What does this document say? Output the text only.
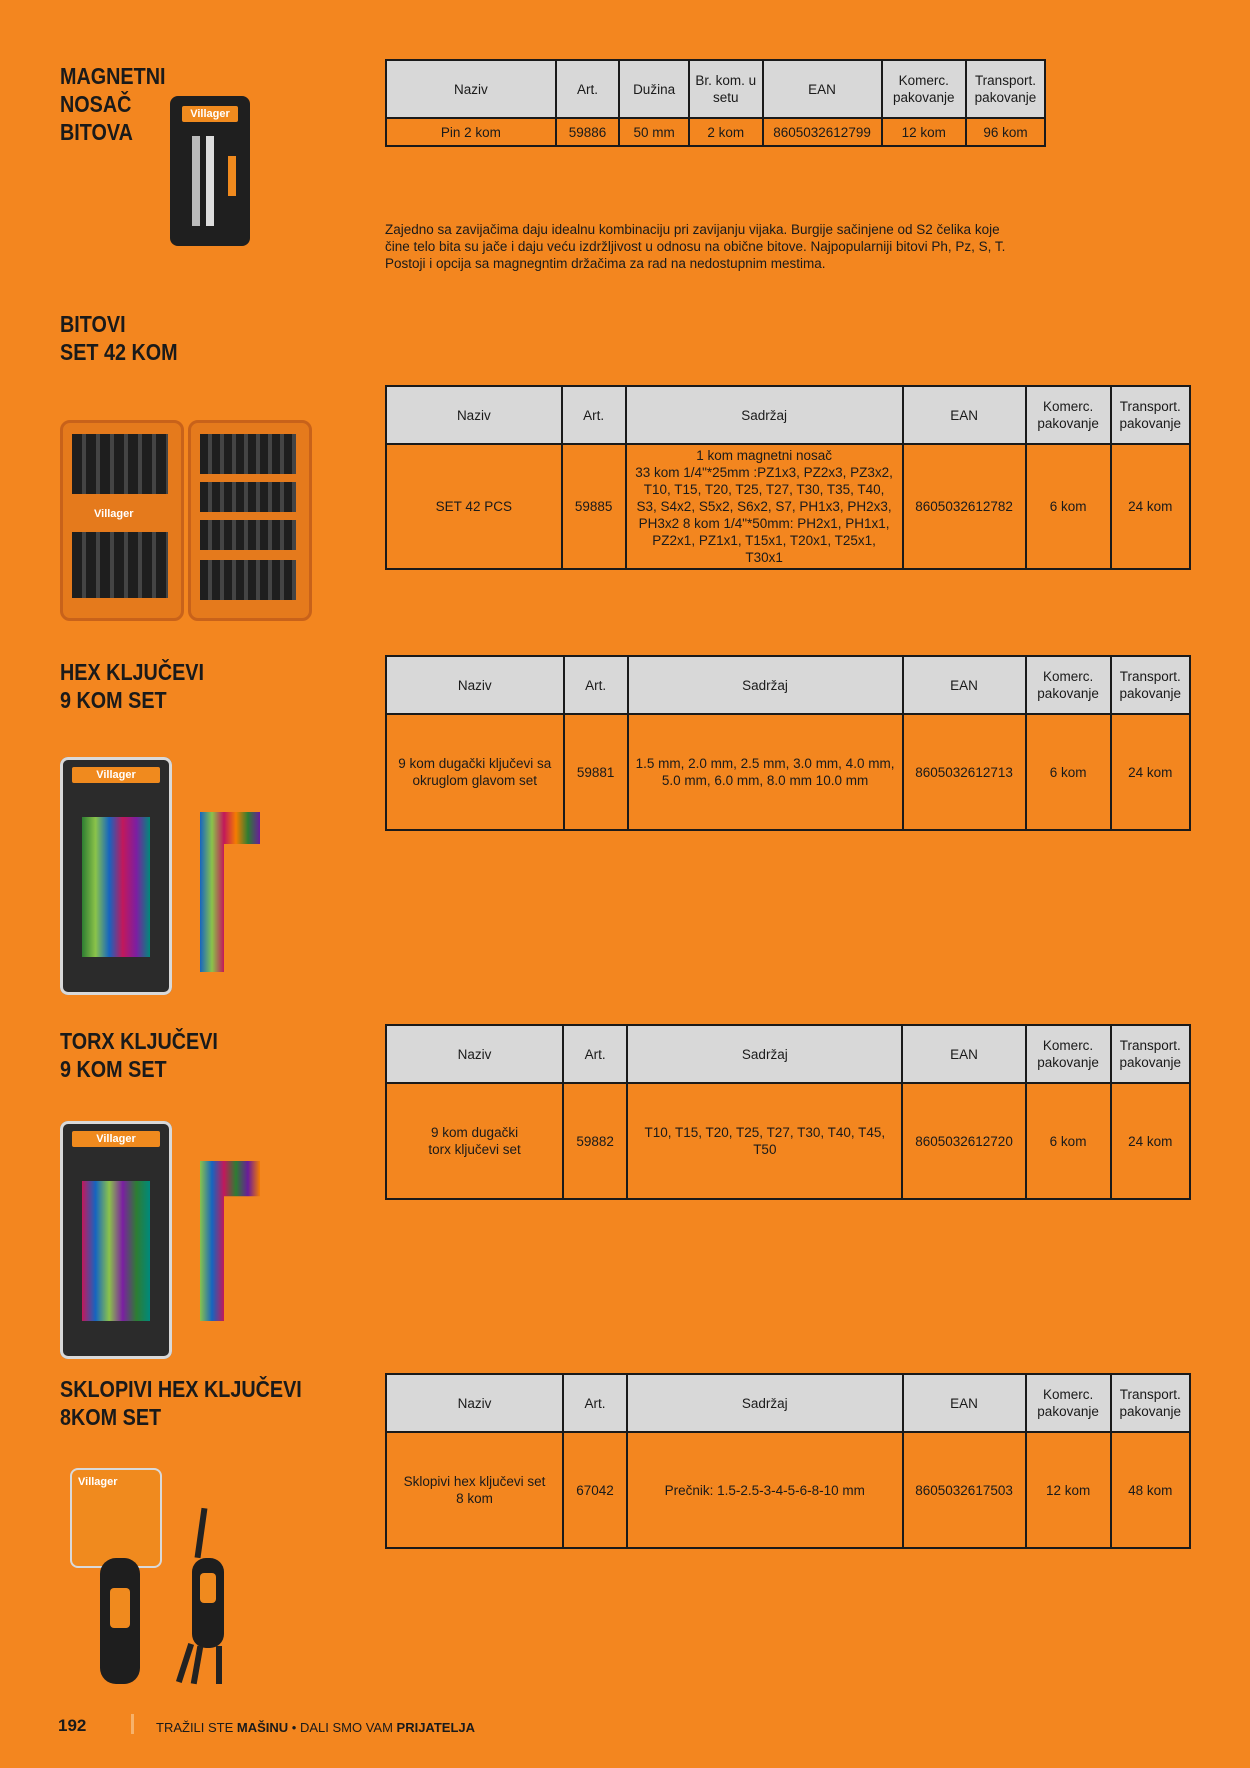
MAGNETNI
NOSAČ
BITOVA
Villager
Naziv	Art.	Dužina	Br. kom. u setu	EAN	Komerc. pakovanje	Transport. pakovanje
Pin 2 kom	59886	50 mm	2 kom	8605032612799	12 kom	96 kom
Zajedno sa zavijačima daju idealnu kombinaciju pri zavijanju vijaka. Burgije sačinjene od S2 čelika koje čine telo bita su jače i daju veću izdržljivost u odnosu na obične bitove. Najpopularniji bitovi Ph, Pz, S, T. Postoji i opcija sa magnegntim držačima za rad na nedostupnim mestima.
BITOVI
SET 42 KOM
Villager
Naziv	Art.	Sadržaj	EAN	Komerc. pakovanje	Transport. pakovanje
SET 42 PCS	59885	1 kom magnetni nosač
33 kom 1/4"*25mm :PZ1x3, PZ2x3, PZ3x2, T10, T15, T20, T25, T27, T30, T35, T40, S3, S4x2, S5x2, S6x2, S7, PH1x3, PH2x3, PH3x2 8 kom 1/4"*50mm: PH2x1, PH1x1, PZ2x1, PZ1x1, T15x1, T20x1, T25x1, T30x1	8605032612782	6 kom	24 kom
HEX KLJUČEVI
9 KOM SET
Villager
Naziv	Art.	Sadržaj	EAN	Komerc. pakovanje	Transport. pakovanje
9 kom dugački ključevi sa okruglom glavom set	59881	1.5 mm, 2.0 mm, 2.5 mm, 3.0 mm, 4.0 mm, 5.0 mm, 6.0 mm, 8.0 mm 10.0 mm	8605032612713	6 kom	24 kom
TORX KLJUČEVI
9 KOM SET
Villager
Naziv	Art.	Sadržaj	EAN	Komerc. pakovanje	Transport. pakovanje
9 kom dugački
torx ključevi set	59882	T10, T15, T20, T25, T27, T30, T40, T45, T50	8605032612720	6 kom	24 kom
SKLOPIVI HEX KLJUČEVI
8KOM SET
Villager
Naziv	Art.	Sadržaj	EAN	Komerc. pakovanje	Transport. pakovanje
Sklopivi hex ključevi set
8 kom	67042	Prečnik: 1.5-2.5-3-4-5-6-8-10 mm	8605032617503	12 kom	48 kom
192	TRAŽILI STE MAŠINU • DALI SMO VAM PRIJATELJA
